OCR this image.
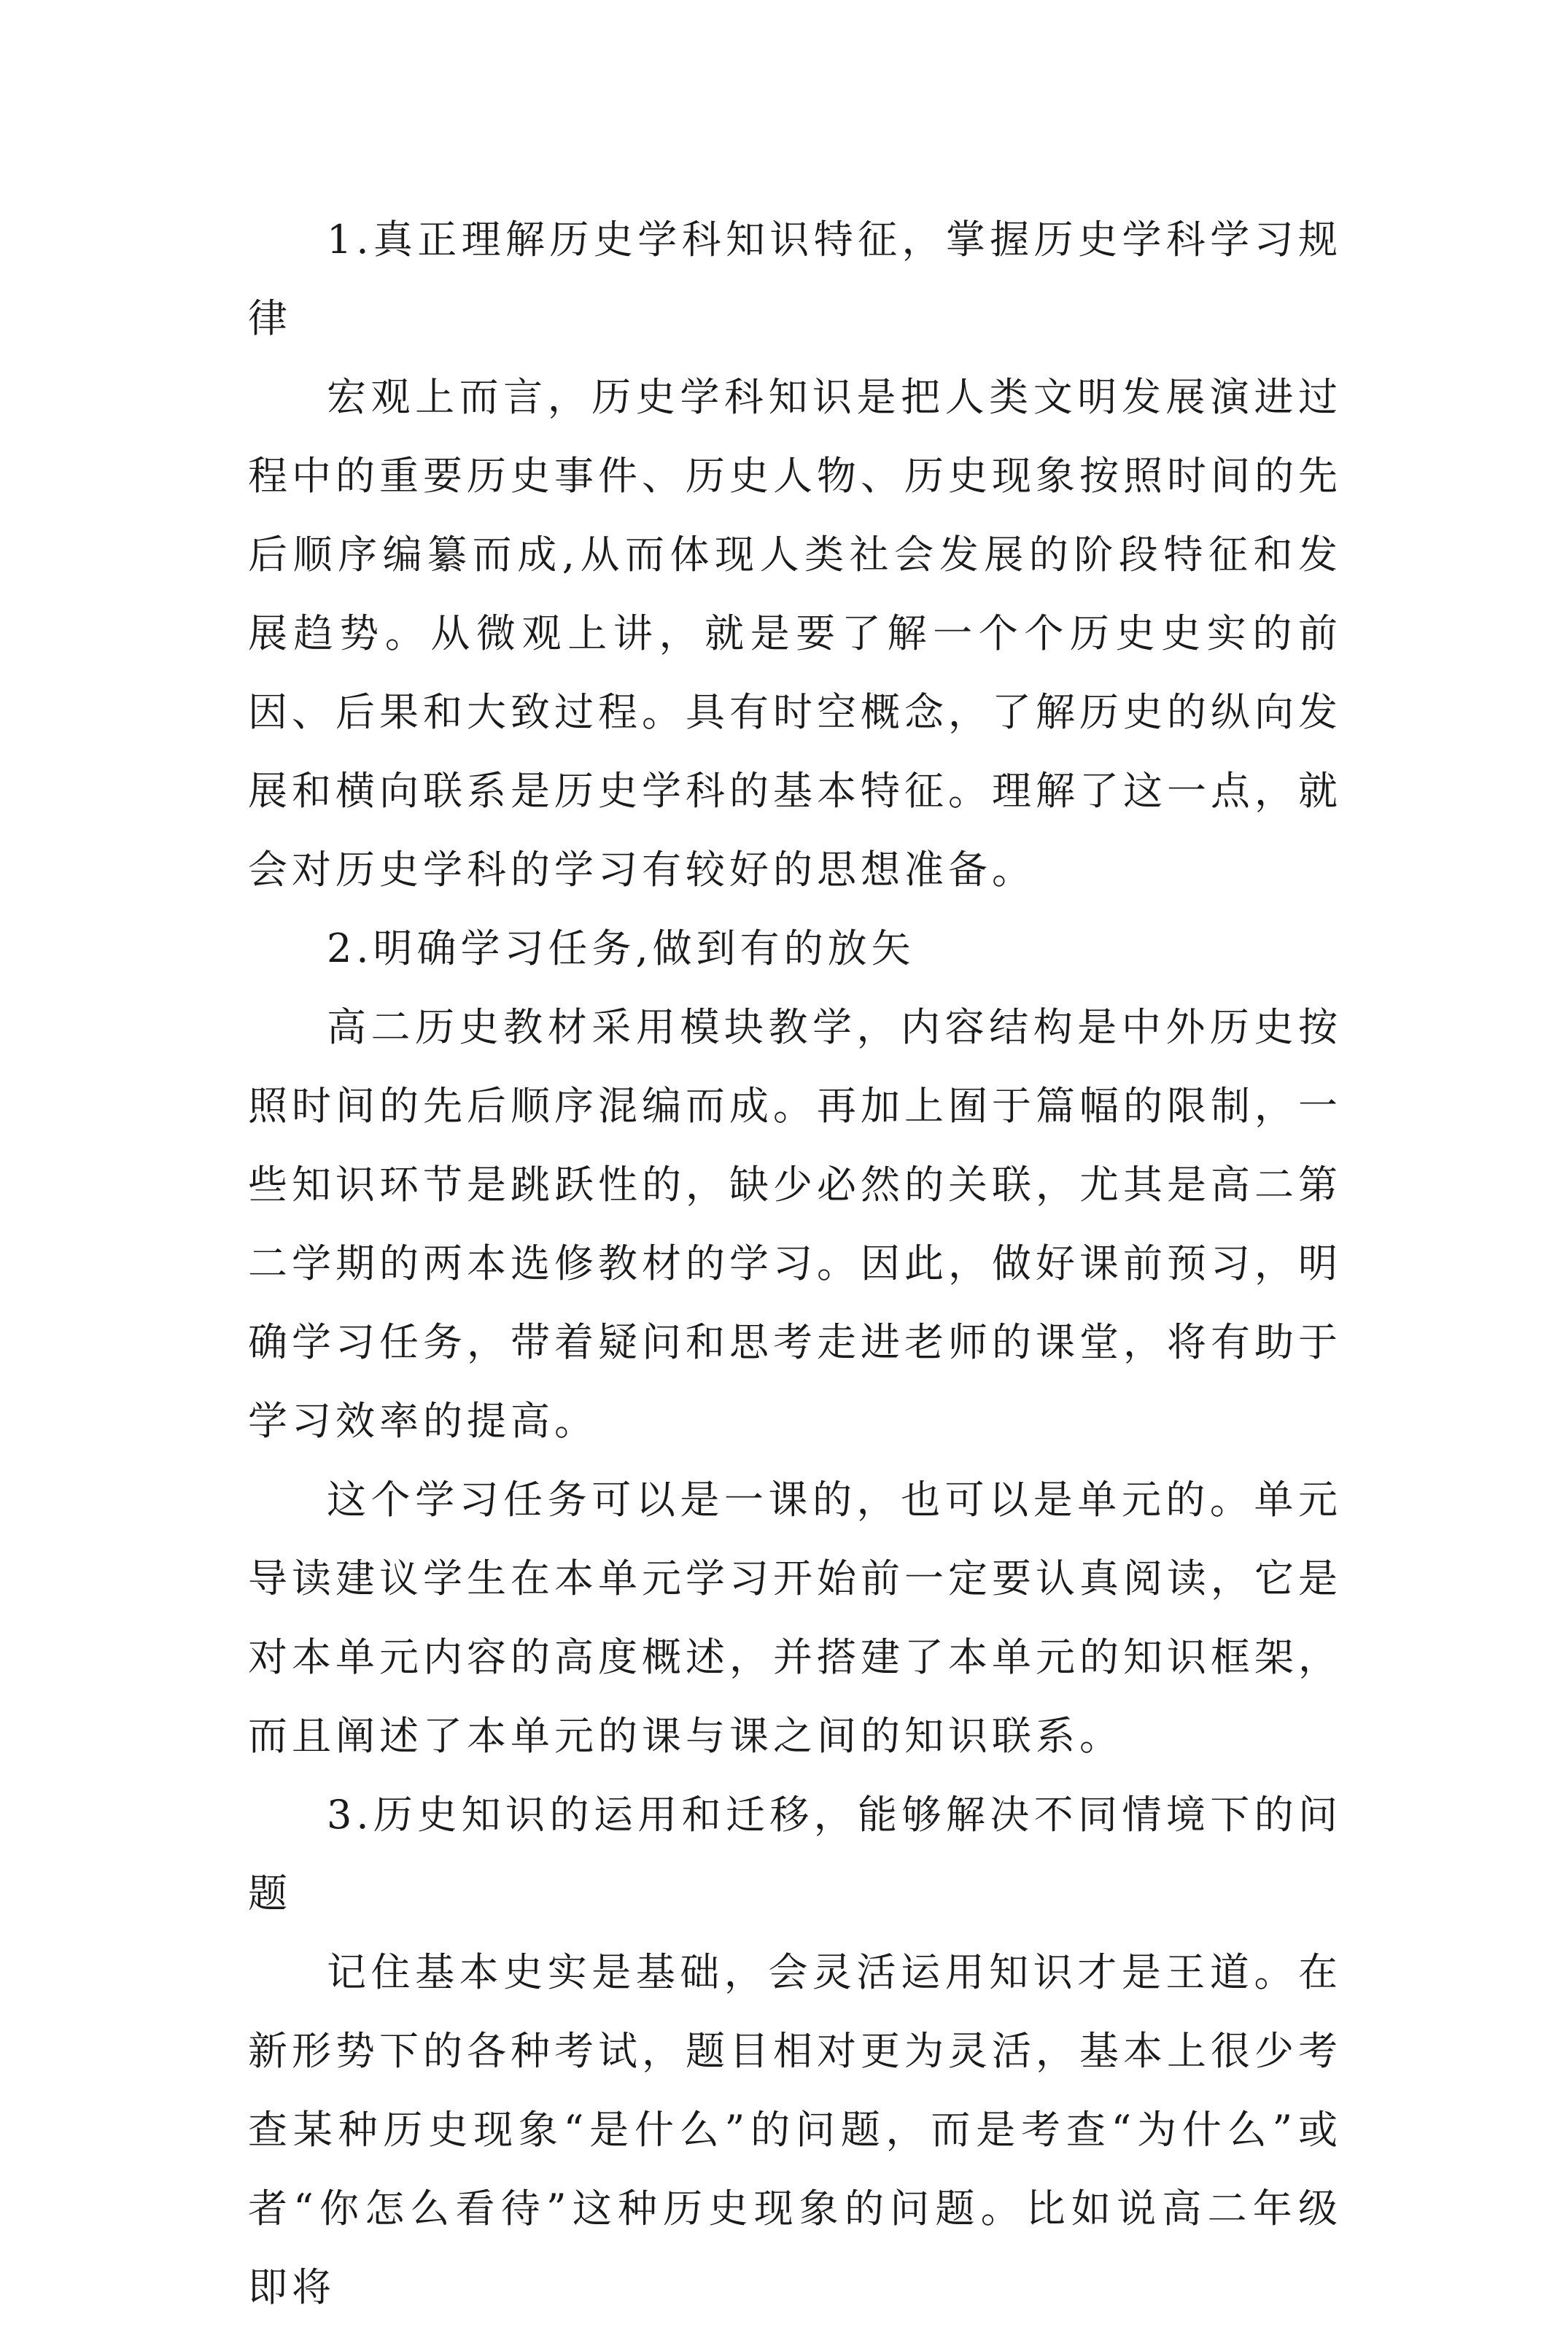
1.真正理解历史学科知识特征，掌握历史学科学习规律

宏观上而言，历史学科知识是把人类文明发展演进过程中的重要历史事件、历史人物、历史现象按照时间的先后顺序编纂而成,从而体现人类社会发展的阶段特征和发展趋势。从微观上讲，就是要了解一个个历史史实的前因、后果和大致过程。具有时空概念，了解历史的纵向发展和横向联系是历史学科的基本特征。理解了这一点，就会对历史学科的学习有较好的思想准备。

2.明确学习任务,做到有的放矢

高二历史教材采用模块教学，内容结构是中外历史按照时间的先后顺序混编而成。再加上囿于篇幅的限制，一些知识环节是跳跃性的，缺少必然的关联，尤其是高二第二学期的两本选修教材的学习。因此，做好课前预习，明确学习任务，带着疑问和思考走进老师的课堂，将有助于学习效率的提高。

这个学习任务可以是一课的，也可以是单元的。单元导读建议学生在本单元学习开始前一定要认真阅读，它是对本单元内容的高度概述，并搭建了本单元的知识框架，而且阐述了本单元的课与课之间的知识联系。

3.历史知识的运用和迁移，能够解决不同情境下的问题

记住基本史实是基础，会灵活运用知识才是王道。在新形势下的各种考试，题目相对更为灵活，基本上很少考查某种历史现象“是什么”的问题，而是考查“为什么”或者“你怎么看待”这种历史现象的问题。比如说高二年级即将
